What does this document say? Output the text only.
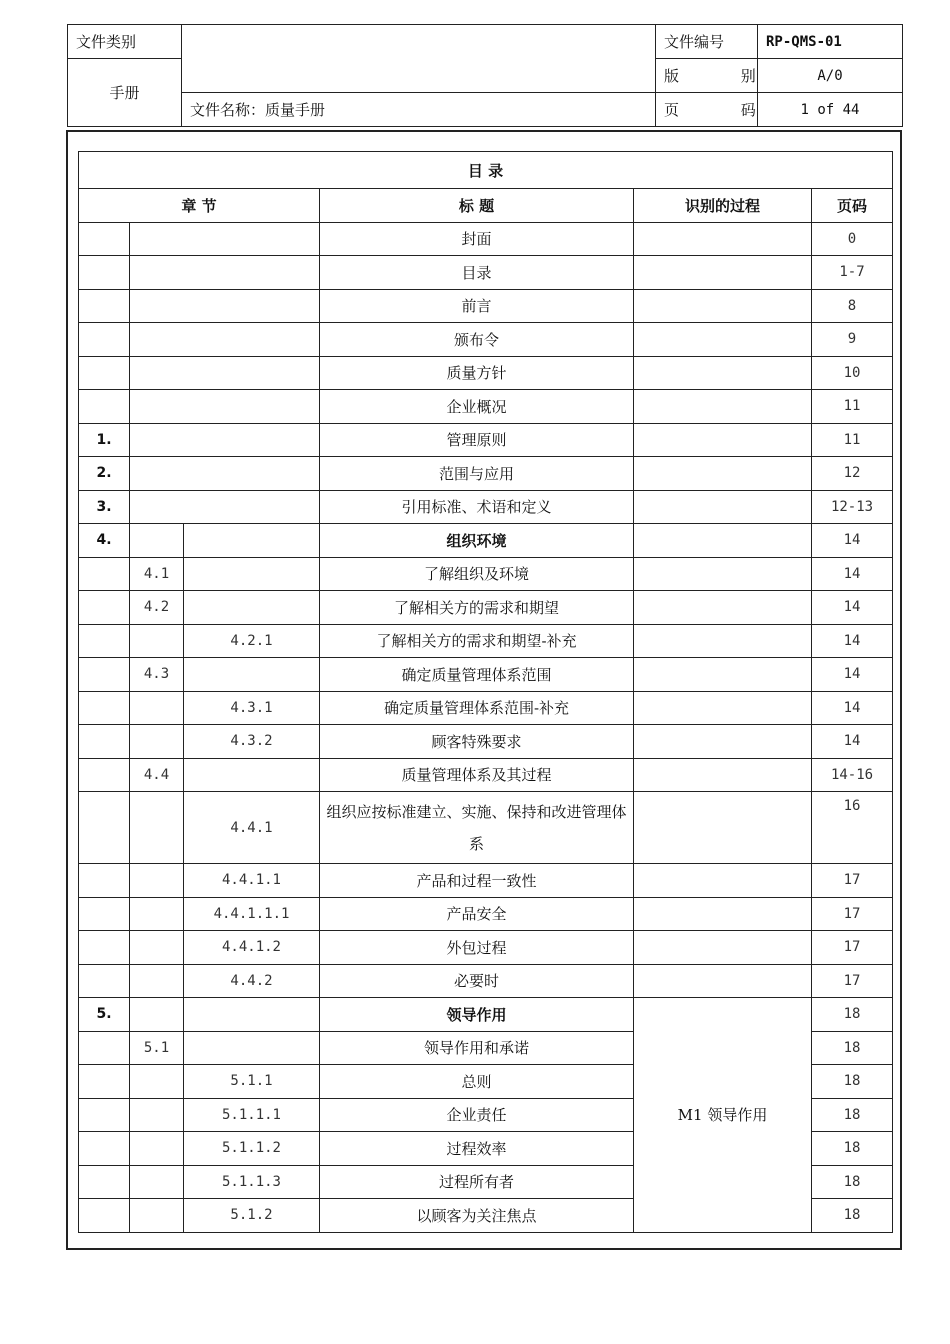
文件类别		文件编号	RP-QMS-01
手册		版 别	A/0
	文件名称：质量手册	页 码	1 of 44
目 录					
章 节			标 题	识别的过程	页码
			封面		0
			目录		1-7
			前言		8
			颁布令		9
			质量方针		10
			企业概况		11
1.			管理原则		11
2.			范围与应用		12
3.			引用标准、术语和定义		12-13
4.			组织环境		14
	4.1		了解组织及环境		14
	4.2		了解相关方的需求和期望		14
		4.2.1	了解相关方的需求和期望-补充		14
	4.3		确定质量管理体系范围		14
		4.3.1	确定质量管理体系范围-补充		14
		4.3.2	顾客特殊要求		14
	4.4		质量管理体系及其过程		14-16
		4.4.1	组织应按标准建立、实施、保持和改进管理体系		16
		4.4.1.1	产品和过程一致性		17
		4.4.1.1.1	产品安全		17
		4.4.1.2	外包过程		17
		4.4.2	必要时		17
5.			领导作用	M1 领导作用	18
	5.1		领导作用和承诺		18
		5.1.1	总则		18
		5.1.1.1	企业责任		18
		5.1.1.2	过程效率		18
		5.1.1.3	过程所有者		18
		5.1.2	以顾客为关注焦点		18
